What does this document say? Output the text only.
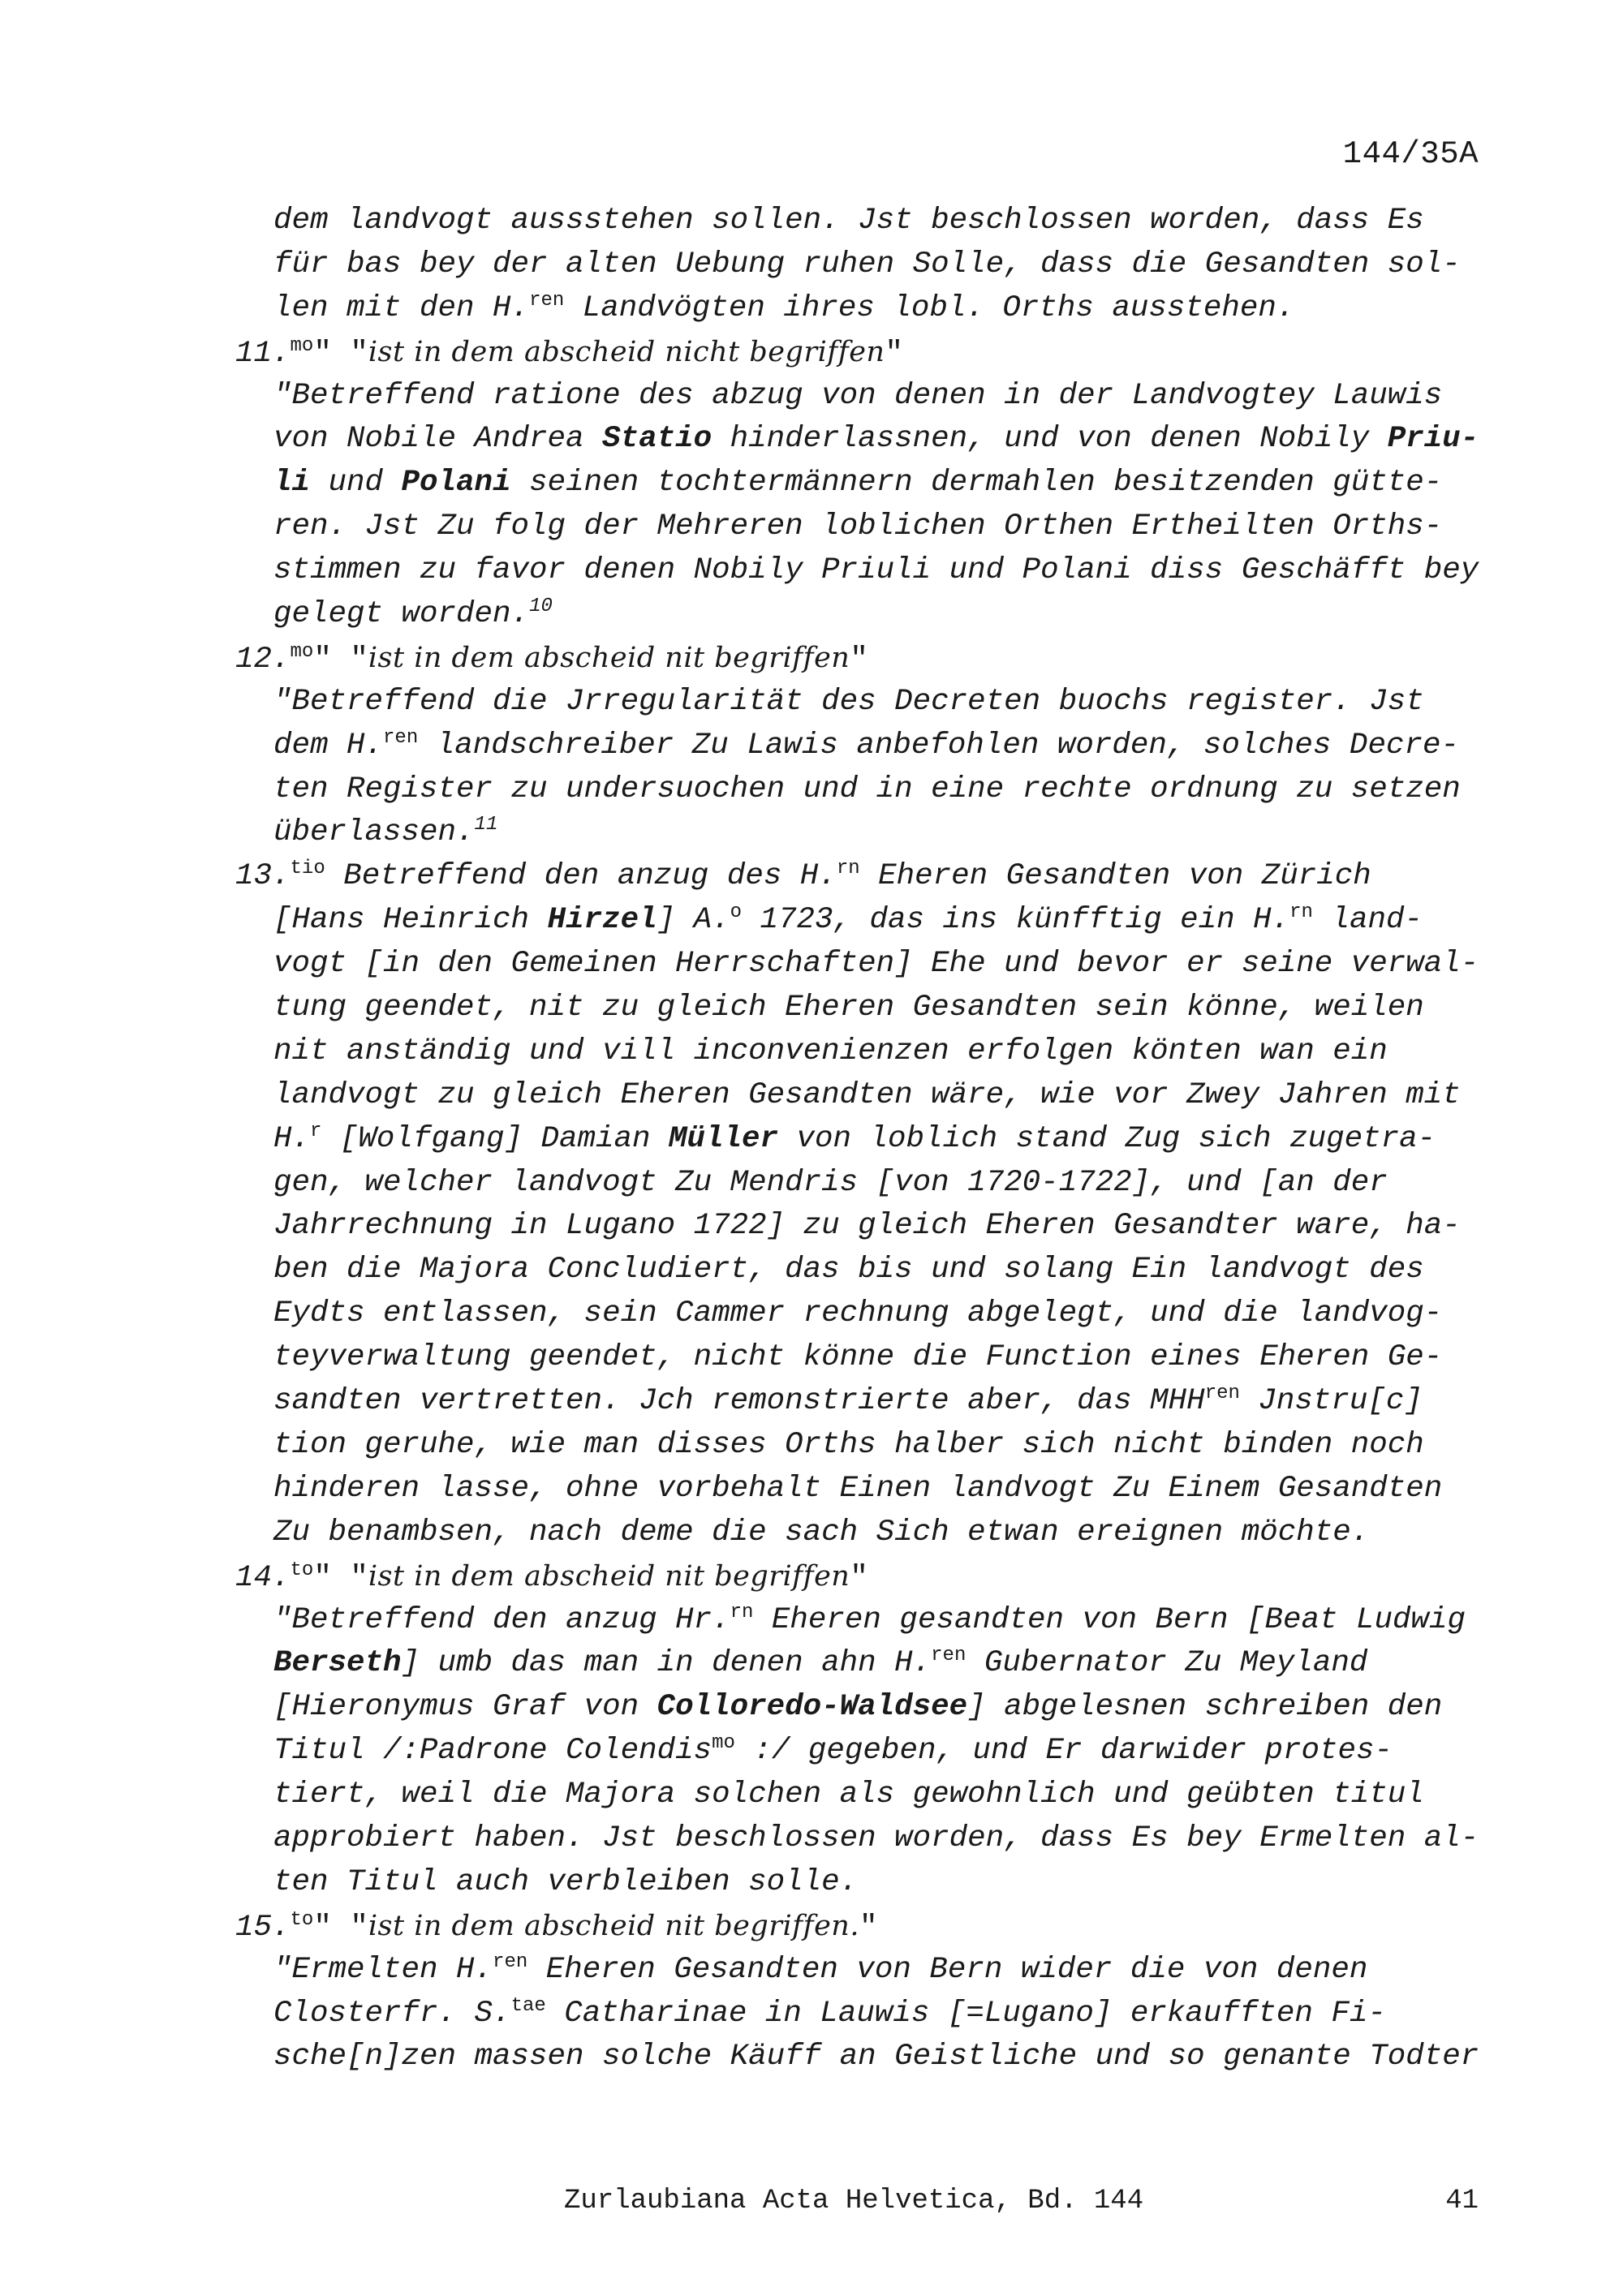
144/35A
dem landvogt aussstehen sollen. Jst beschlossen worden, dass Es
für bas bey der alten Uebung ruhen Solle, dass die Gesandten sol-
len mit den H.$^{ren}$ Landvögten ihres lobl. Orths ausstehen.
11.$^{mo}$" "ist in dem abscheid nicht begriffen"
"Betreffend ratione des abzug von denen in der Landvogtey Lauwis
von Nobile Andrea Statio hinderlassnen, und von denen Nobily Priu-
li und Polani seinen tochtermännern dermahlen besitzenden gütte-
ren. Jst Zu folg der Mehreren loblichen Orthen Ertheilten Orths-
stimmen zu favor denen Nobily Priuli und Polani diss Geschäfft bey
gelegt worden.$^{10}$
12.$^{mo}$" "ist in dem abscheid nit begriffen"
"Betreffend die Jrregularität des Decreten buochs register. Jst
dem H.$^{ren}$ landschreiber Zu Lawis anbefohlen worden, solches Decre-
ten Register zu undersuochen und in eine rechte ordnung zu setzen
überlassen.$^{11}$
13.$^{tio}$ Betreffend den anzug des H.$^{rn}$ Eheren Gesandten von Zürich
[Hans Heinrich Hirzel] A.$^o$ 1723, das ins künfftig ein H.$^{rn}$ land-
vogt [in den Gemeinen Herrschaften] Ehe und bevor er seine verwal-
tung geendet, nit zu gleich Eheren Gesandten sein könne, weilen
nit anständig und vill inconvenienzen erfolgen könten wan ein
landvogt zu gleich Eheren Gesandten wäre, wie vor Zwey Jahren mit
H.$^r$ [Wolfgang] Damian Müller von loblich stand Zug sich zugetra-
gen, welcher landvogt Zu Mendris [von 1720-1722], und [an der
Jahrrechnung in Lugano 1722] zu gleich Eheren Gesandter ware, ha-
ben die Majora Concludiert, das bis und solang Ein landvogt des
Eydts entlassen, sein Cammer rechnung abgelegt, und die landvog-
teyverwaltung geendet, nicht könne die Function eines Eheren Ge-
sandten vertretten. Jch remonstrierte aber, das $MHH^{ren}$ Jnstru[c]
tion geruhe, wie man disses Orths halber sich nicht binden noch
hinderen lasse, ohne vorbehalt Einen landvogt Zu Einem Gesandten
Zu benambsen, nach deme die sach Sich etwan ereignen möchte.
14.$^{to}$" "ist in dem abscheid nit begriffen"
"Betreffend den anzug Hr.$^{rn}$ Eheren gesandten von Bern [Beat Ludwig
Berseth] umb das man in denen ahn H.$^{ren}$ Gubernator Zu Meyland
[Hieronymus Graf von Colloredo-Waldsee] abgelesnen schreiben den
Titul /:Padrone Colendis$^{mo}$ :/ gegeben, und Er darwider protes-
tiert, weil die Majora solchen als gewohnlich und geübten titul
approbiert haben. Jst beschlossen worden, dass Es bey Ermelten al-
ten Titul auch verbleiben solle.
15.$^{to}$" "ist in dem abscheid nit begriffen."
"Ermelten H.$^{ren}$ Eheren Gesandten von Bern wider die von denen
Closterfr. S.$^{tae}$ Catharinae in Lauwis [=Lugano] erkaufften Fi-
sche[n]zen massen solche Käuff an Geistliche und so genante Todter
Zurlaubiana Acta Helvetica, Bd. 144	41
